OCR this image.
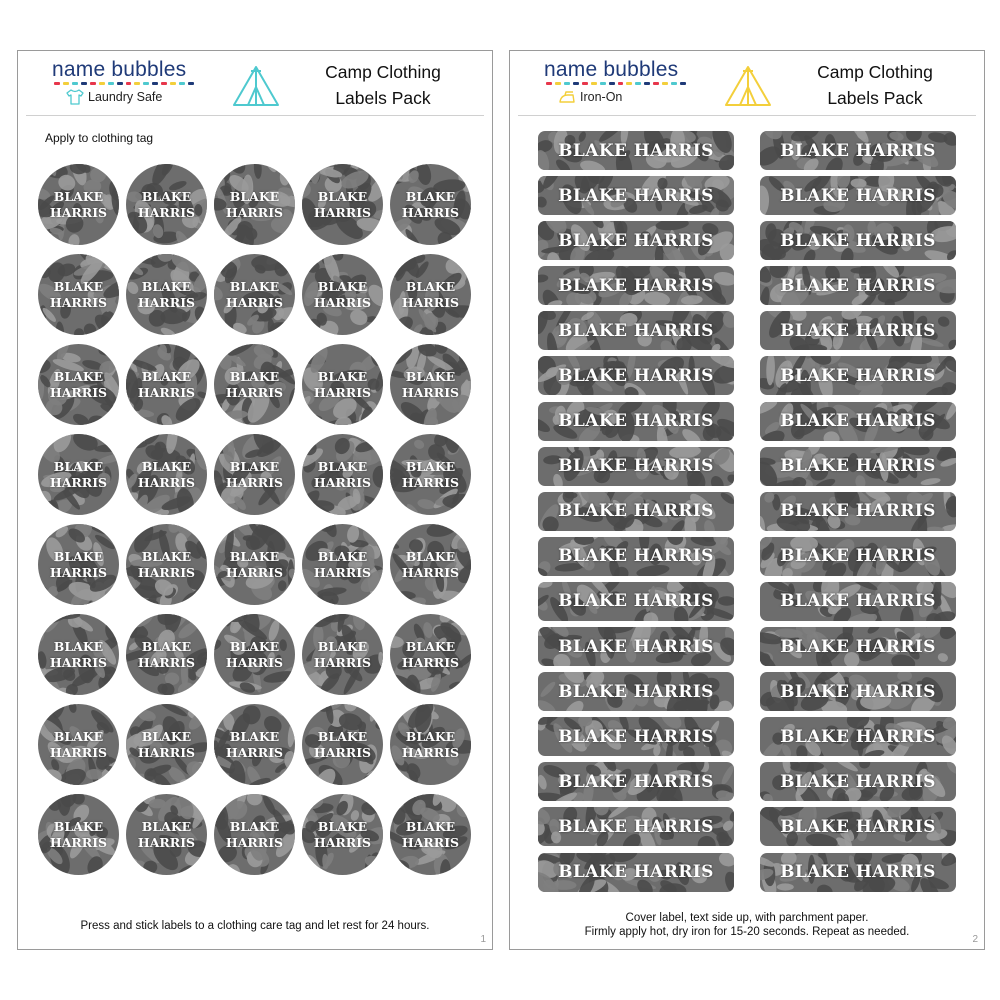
name bubbles
Laundry Safe
Camp Clothing
Labels Pack
Apply to clothing tag
BLAKE
HARRIS
BLAKE
HARRIS
BLAKE
HARRIS
BLAKE
HARRIS
BLAKE
HARRIS
BLAKE
HARRIS
BLAKE
HARRIS
BLAKE
HARRIS
BLAKE
HARRIS
BLAKE
HARRIS
BLAKE
HARRIS
BLAKE
HARRIS
BLAKE
HARRIS
BLAKE
HARRIS
BLAKE
HARRIS
BLAKE
HARRIS
BLAKE
HARRIS
BLAKE
HARRIS
BLAKE
HARRIS
BLAKE
HARRIS
BLAKE
HARRIS
BLAKE
HARRIS
BLAKE
HARRIS
BLAKE
HARRIS
BLAKE
HARRIS
BLAKE
HARRIS
BLAKE
HARRIS
BLAKE
HARRIS
BLAKE
HARRIS
BLAKE
HARRIS
BLAKE
HARRIS
BLAKE
HARRIS
BLAKE
HARRIS
BLAKE
HARRIS
BLAKE
HARRIS
BLAKE
HARRIS
BLAKE
HARRIS
BLAKE
HARRIS
BLAKE
HARRIS
BLAKE
HARRIS
Press and stick labels to a clothing care tag and let rest for 24 hours.
1
name bubbles
Iron-On
Camp Clothing
Labels Pack
BLAKE HARRIS	BLAKE HARRIS
BLAKE HARRIS	BLAKE HARRIS
BLAKE HARRIS	BLAKE HARRIS
BLAKE HARRIS	BLAKE HARRIS
BLAKE HARRIS	BLAKE HARRIS
BLAKE HARRIS	BLAKE HARRIS
BLAKE HARRIS	BLAKE HARRIS
BLAKE HARRIS	BLAKE HARRIS
BLAKE HARRIS	BLAKE HARRIS
BLAKE HARRIS	BLAKE HARRIS
BLAKE HARRIS	BLAKE HARRIS
BLAKE HARRIS	BLAKE HARRIS
BLAKE HARRIS	BLAKE HARRIS
BLAKE HARRIS	BLAKE HARRIS
BLAKE HARRIS	BLAKE HARRIS
BLAKE HARRIS	BLAKE HARRIS
BLAKE HARRIS	BLAKE HARRIS
Cover label, text side up, with parchment paper.
Firmly apply hot, dry iron for 15-20 seconds. Repeat as needed.
2
